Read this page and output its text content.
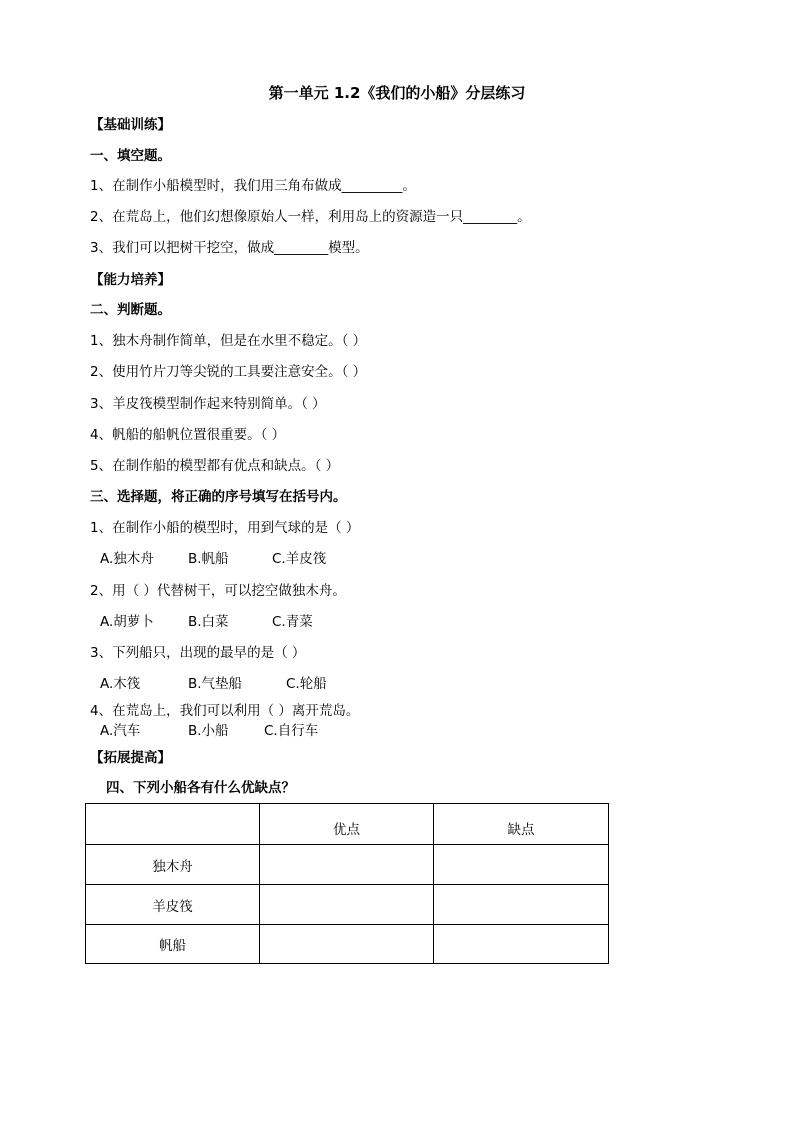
第一单元 1.2《我们的小船》分层练习
【基础训练】
一、填空题。
1、在制作小船模型时，我们用三角布做成_________。
2、在荒岛上，他们幻想像原始人一样，利用岛上的资源造一只________。
3、我们可以把树干挖空，做成________模型。
【能力培养】
二、判断题。
1、独木舟制作简单，但是在水里不稳定。（ ）
2、使用竹片刀等尖锐的工具要注意安全。（ ）
3、羊皮筏模型制作起来特别简单。（ ）
4、帆船的船帆位置很重要。（ ）
5、在制作船的模型都有优点和缺点。（ ）
三、选择题，将正确的序号填写在括号内。
1、在制作小船的模型时，用到气球的是（ ）
A.独木舟	B.帆船	C.羊皮筏
2、用（ ）代替树干，可以挖空做独木舟。
A.胡萝卜	B.白菜	C.青菜
3、下列船只，出现的最早的是（ ）
A.木筏	B.气垫船	C.轮船
4、在荒岛上，我们可以利用（ ）离开荒岛。
A.汽车	B.小船	C.自行车
【拓展提高】
四、下列小船各有什么优缺点？

	优点	缺点

独木舟		
羊皮筏		
帆船		
